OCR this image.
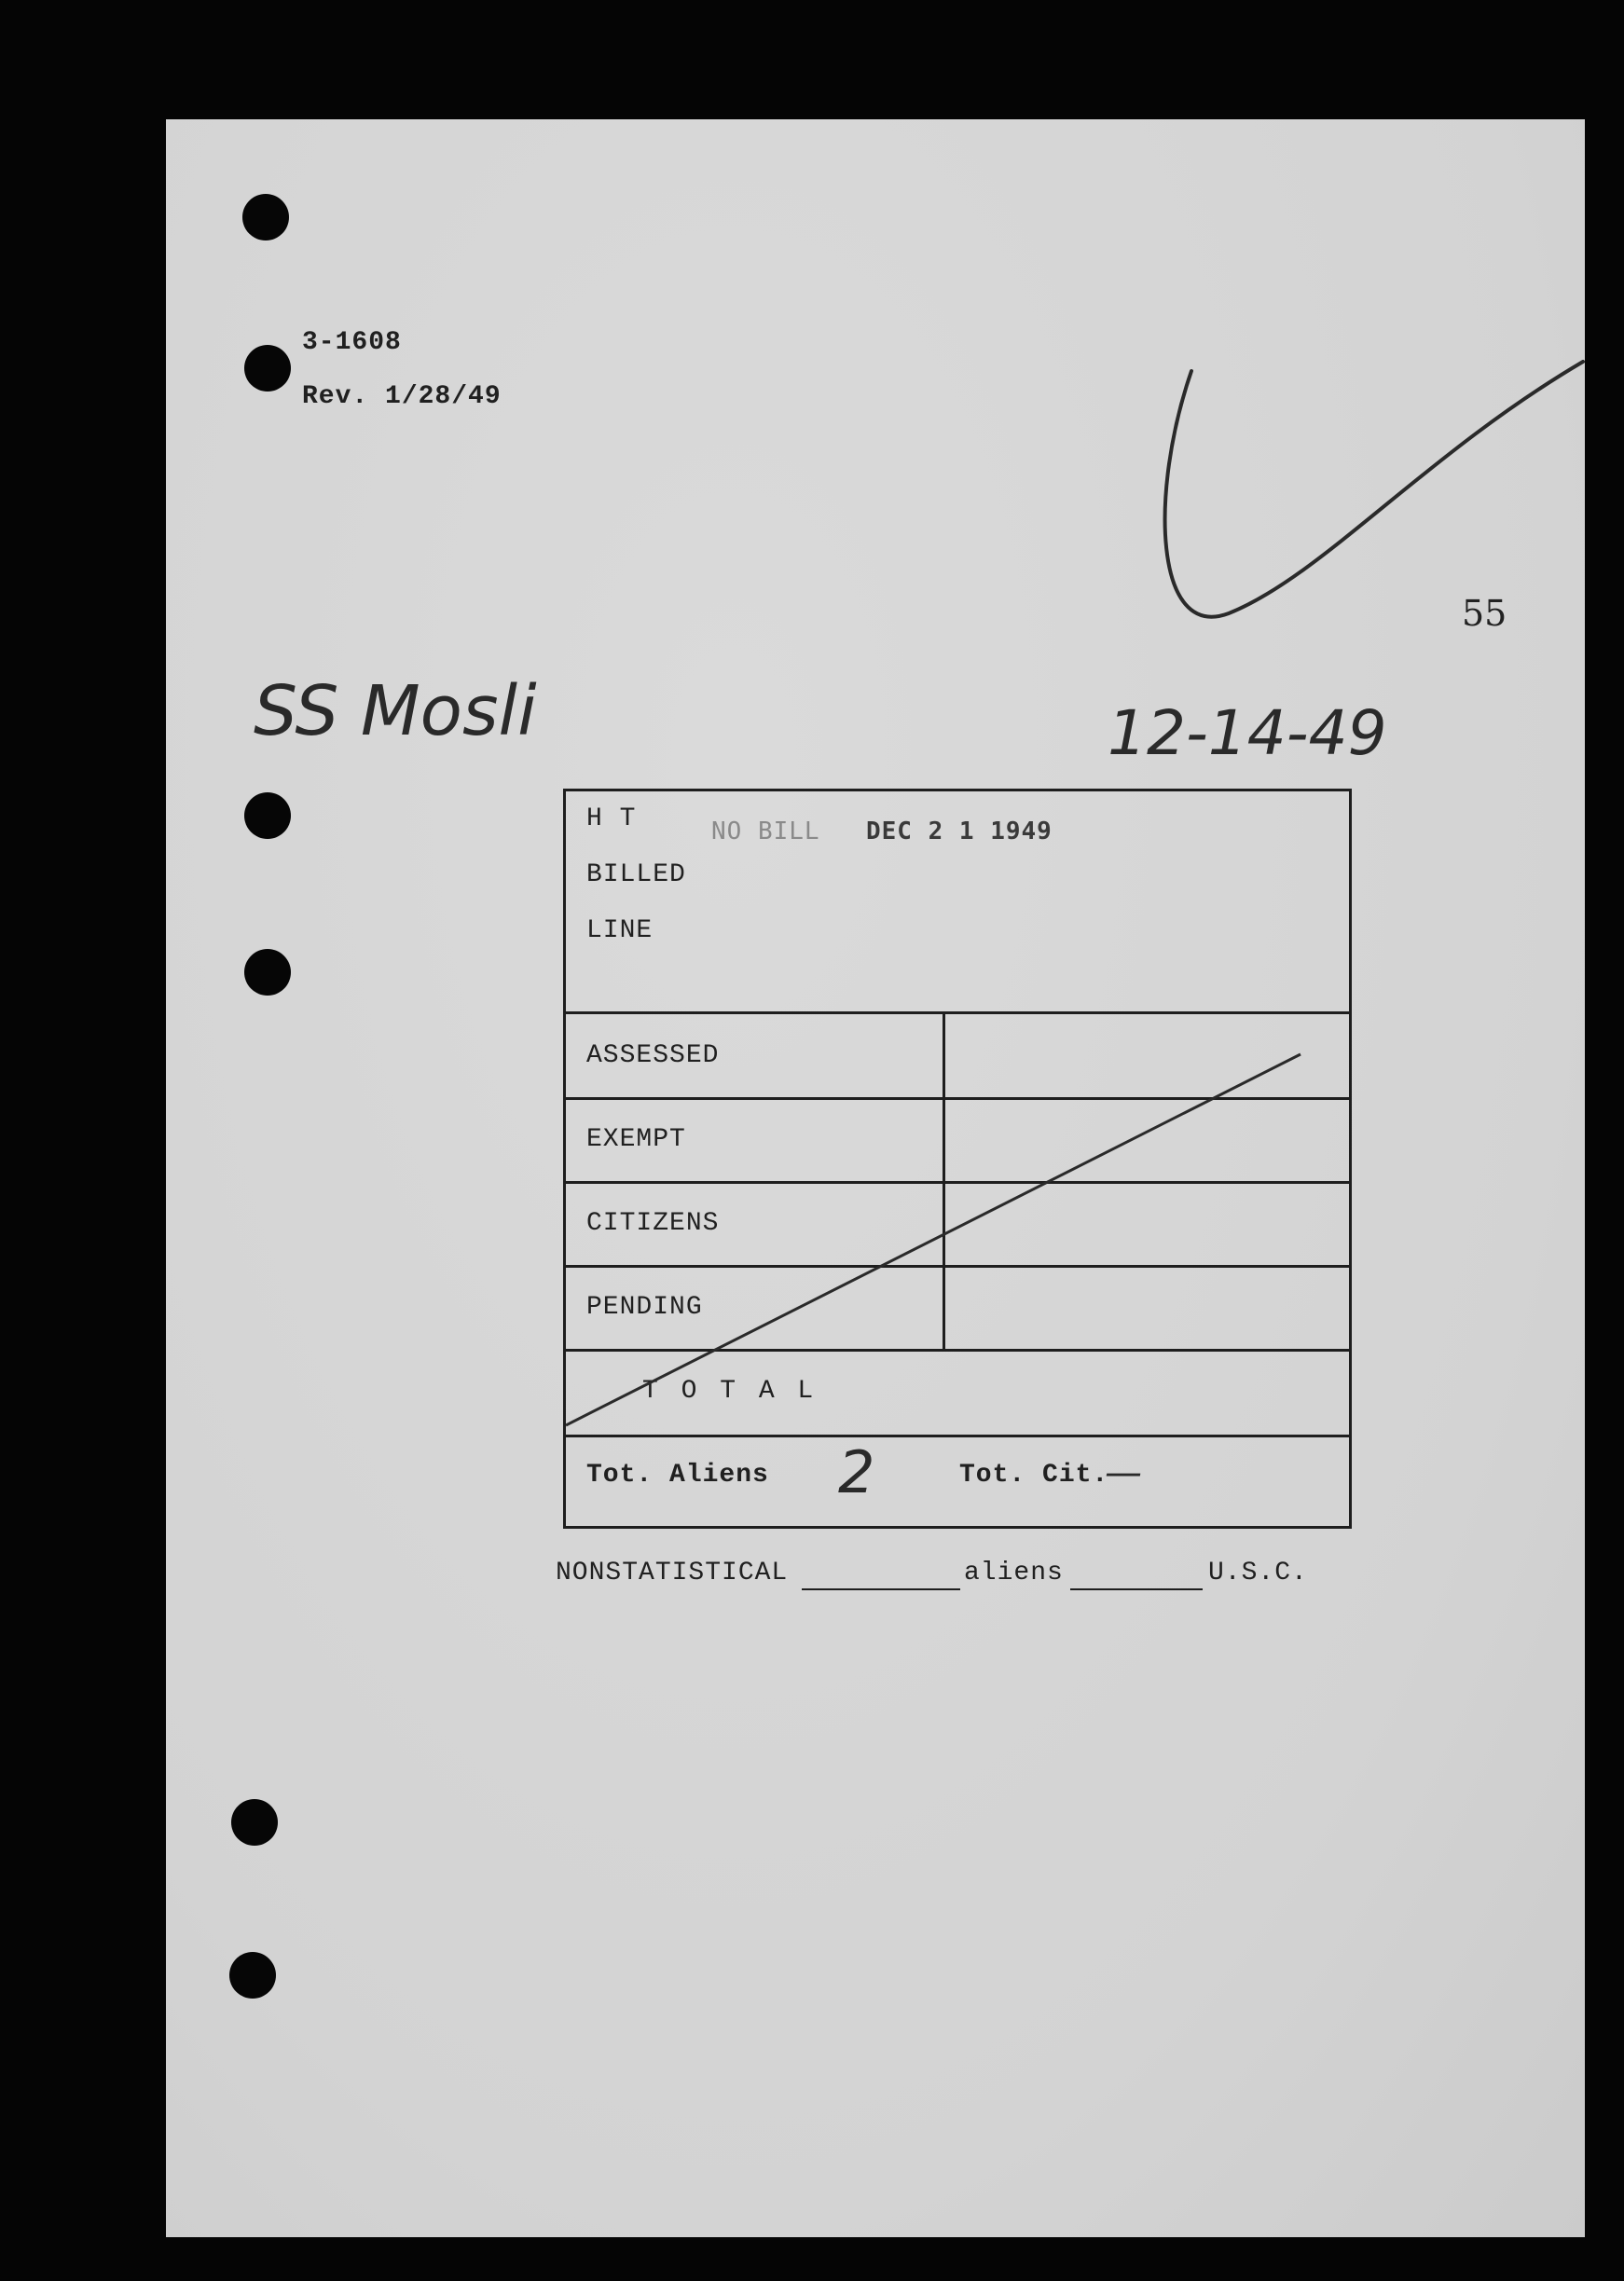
3-1608
Rev. 1/28/49
55
SS Mosli	12-14-49
H T
BILLED
LINE
NO BILL DEC 2 1 1949
ASSESSED
EXEMPT
CITIZENS
PENDING
T O T A L
Tot. Aliens 2	Tot. Cit.
—
NONSTATISTICAL	aliens	U.S.C.
